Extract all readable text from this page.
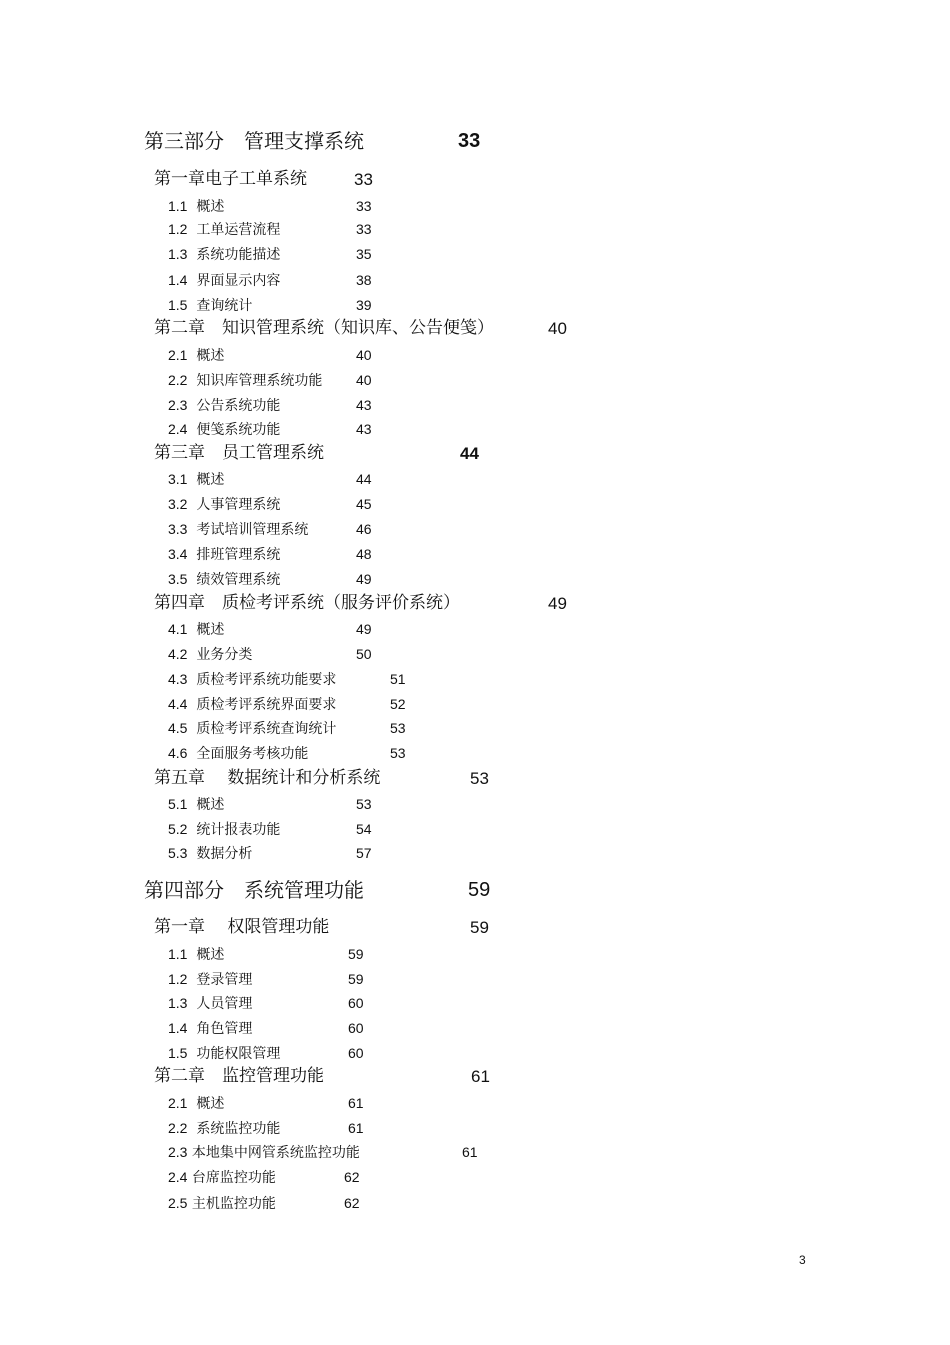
第三部分　管理支撑系统	33
第一章电子工单系统	33
1.1 概述	33
1.2 工单运营流程	33
1.3 系统功能描述	35
1.4 界面显示内容	38
1.5 查询统计	39
第二章　知识管理系统（知识库、公告便笺）	40
2.1 概述	40
2.2 知识库管理系统功能 40
2.3 公告系统功能	43
2.4 便笺系统功能	43
第三章　员工管理系统	44
3.1 概述	44
3.2 人事管理系统	45
3.3 考试培训管理系统	46
3.4 排班管理系统	48
3.5 绩效管理系统	49
第四章　质检考评系统（服务评价系统）	49
4.1 概述	49
4.2 业务分类	50
4.3 质检考评系统功能要求	51
4.4 质检考评系统界面要求	52
4.5 质检考评系统查询统计	53
4.6 全面服务考核功能	53
第五章　 数据统计和分析系统	53
5.1 概述	53
5.2 统计报表功能	54
5.3 数据分析	57
第四部分　系统管理功能	59
第一章　 权限管理功能	59
1.1 概述	59
1.2 登录管理	59
1.3 人员管理	60
1.4 角色管理	60
1.5 功能权限管理	60
第二章　监控管理功能	61
2.1 概述	61
2.2 系统监控功能	61
2.3 本地集中网管系统监控功能	61
2.4 台席监控功能	62
2.5 主机监控功能	62
3
